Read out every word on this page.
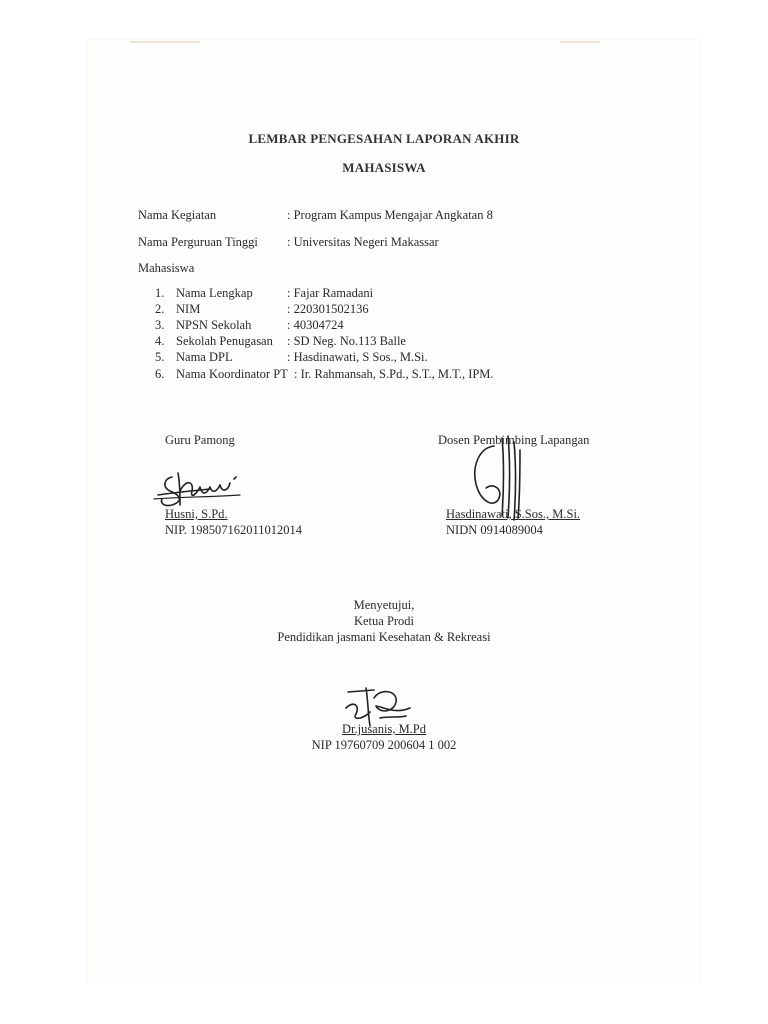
LEMBAR PENGESAHAN LAPORAN AKHIR
MAHASISWA
Nama Kegiatan	: Program Kampus Mengajar Angkatan 8
Nama Perguruan Tinggi : Universitas Negeri Makassar
Mahasiswa
1. Nama Lengkap	: Fajar Ramadani
2. NIM	: 220301502136
3. NPSN Sekolah	: 40304724
4. Sekolah Penugasan : SD Neg. No.113 Balle
5. Nama DPL	: Hasdinawati, S Sos., M.Si.
6. Nama Koordinator PT : Ir. Rahmansah, S.Pd., S.T., M.T., IPM.
Guru Pamong
Husni, S.Pd.
NIP. 198507162011012014
Dosen Pembimbing Lapangan
Hasdinawati, S.Sos., M.Si.
NIDN 0914089004
Menyetujui,
Ketua Prodi
Pendidikan jasmani Kesehatan & Rekreasi
Dr.jusanis, M.Pd
NIP 19760709 200604 1 002
